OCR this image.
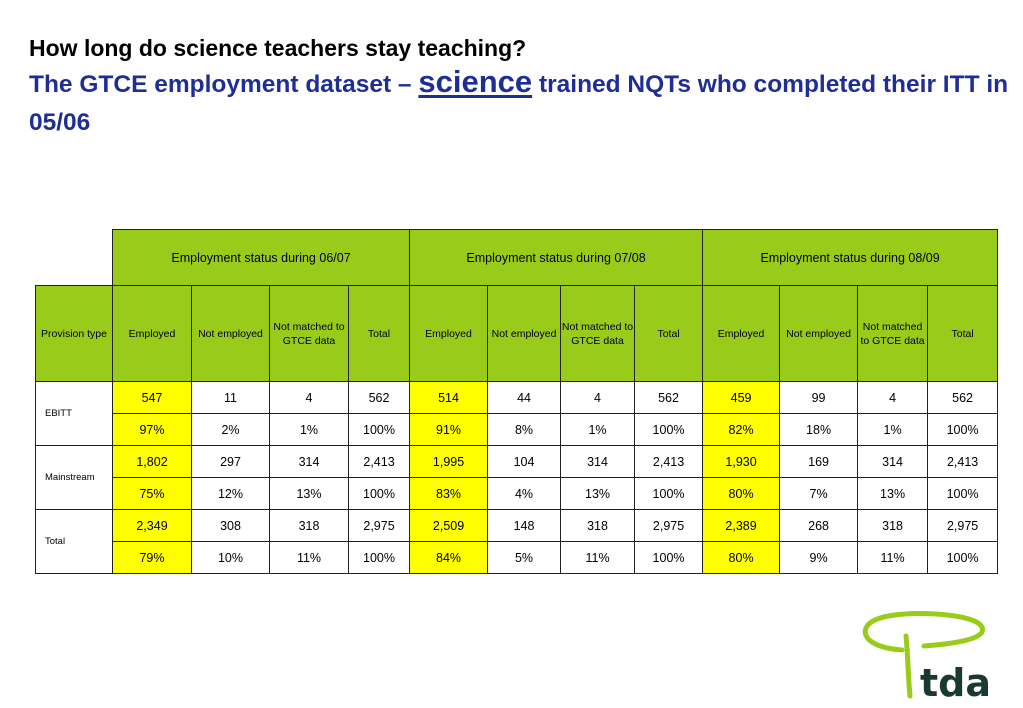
How long do science teachers stay teaching?
The GTCE employment dataset – science trained NQTs who completed their ITT in 05/06
	Employment status during 06/07				Employment status during 07/08				Employment status during 08/09			
Provision type	Employed	Not employed	Not matched to GTCE data	Total	Employed	Not employed	Not matched to GTCE data	Total	Employed	Not employed	Not matched to GTCE data	Total
EBITT	547	11	4	562	514	44	4	562	459	99	4	562
	97%	2%	1%	100%	91%	8%	1%	100%	82%	18%	1%	100%
Mainstream	1,802	297	314	2,413	1,995	104	314	2,413	1,930	169	314	2,413
	75%	12%	13%	100%	83%	4%	13%	100%	80%	7%	13%	100%
Total	2,349	308	318	2,975	2,509	148	318	2,975	2,389	268	318	2,975
	79%	10%	11%	100%	84%	5%	11%	100%	80%	9%	11%	100%
tda
